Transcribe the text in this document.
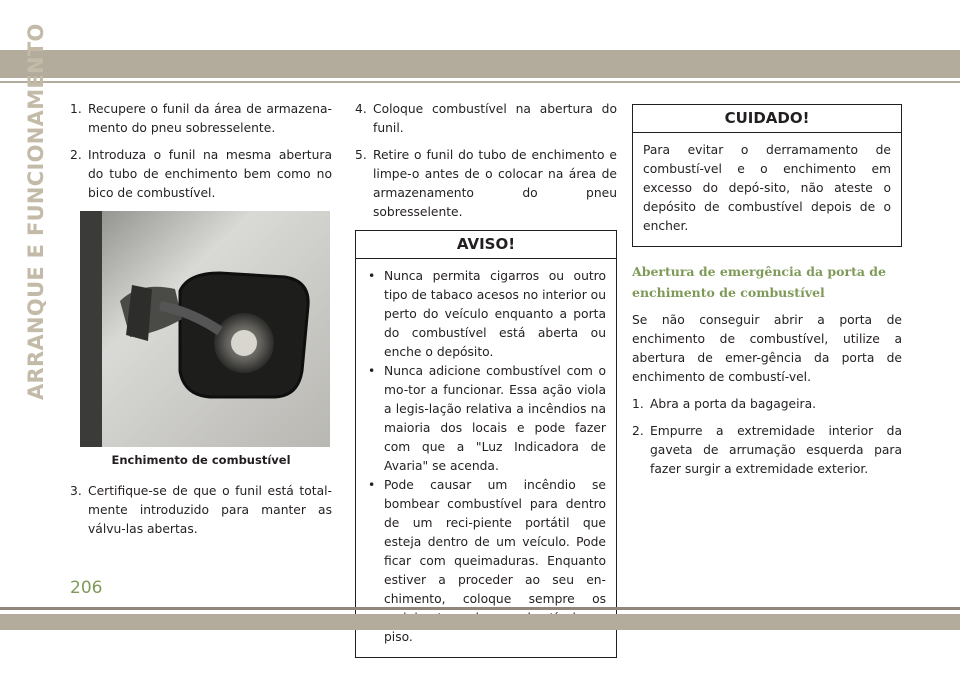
ARRANQUE E FUNCIONAMENTO 1. Recupere o funil da área de armazena-mento do pneu sobresselente.
2. Introduza o funil na mesma abertura do tubo de enchimento bem como no bico de combustível.
Enchimento de combustível
3. Certifique-se de que o funil está total-mente introduzido para manter as válvu-las abertas.
4. Coloque combustível na abertura do funil.
5. Retire o funil do tubo de enchimento e limpe-o antes de o colocar na área de armazenamento do pneu sobresselente.
AVISO!
• Nunca permita cigarros ou outro tipo de tabaco acesos no interior ou perto do veículo enquanto a porta do combustível está aberta ou enche o depósito.
• Nunca adicione combustível com o mo-tor a funcionar. Essa ação viola a legis-lação relativa a incêndios na maioria dos locais e pode fazer com que a "Luz Indicadora de Avaria" se acenda.
• Pode causar um incêndio se bombear combustível para dentro de um reci-piente portátil que esteja dentro de um veículo. Pode ficar com queimaduras. Enquanto estiver a proceder ao seu en-chimento, coloque sempre os piso.
CUIDADO!
Para evitar o derramamento de combustí-vel e o enchimento em excesso do depó-sito, não ateste o depósito de combustível depois de o encher.
Abertura de emergência da porta de enchimento de combustível

Se não conseguir abrir a porta de enchimento de combustível, utilize a abertura de emer-gência da porta de enchimento de combustí-vel.

1. Abra a porta da bagageira.
2. Empurre a extremidade interior da gaveta de arrumação esquerda para fazer surgir a extremidade exterior.
206
